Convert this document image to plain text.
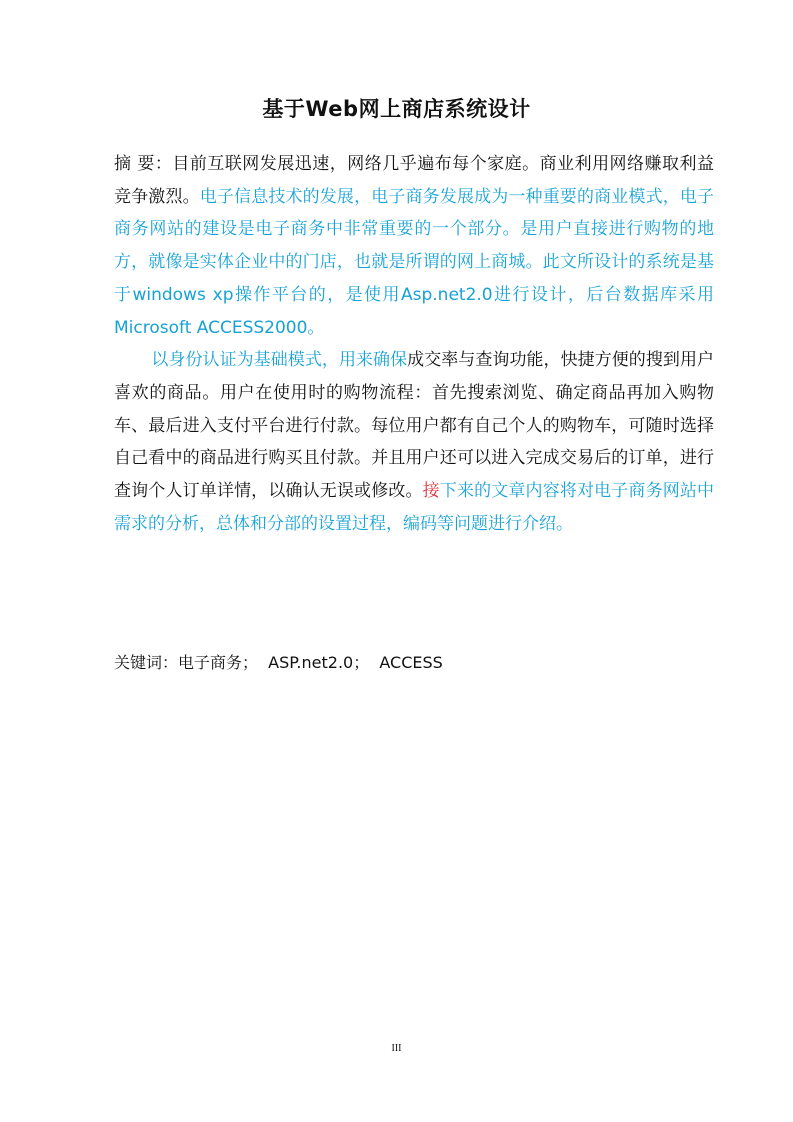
基于Web网上商店系统设计

摘 要：目前互联网发展迅速，网络几乎遍布每个家庭。商业利用网络赚取利益竞争激烈。电子信息技术的发展，电子商务发展成为一种重要的商业模式，电子商务网站的建设是电子商务中非常重要的一个部分。是用户直接进行购物的地方，就像是实体企业中的门店，也就是所谓的网上商城。此文所设计的系统是基于windows xp操作平台的，是使用Asp.net2.0进行设计，后台数据库采用Microsoft ACCESS2000。

以身份认证为基础模式，用来确保成交率与查询功能，快捷方便的搜到用户喜欢的商品。用户在使用时的购物流程：首先搜索浏览、确定商品再加入购物车、最后进入支付平台进行付款。每位用户都有自己个人的购物车，可随时选择自己看中的商品进行购买且付款。并且用户还可以进入完成交易后的订单，进行查询个人订单详情，以确认无误或修改。接下来的文章内容将对电子商务网站中需求的分析，总体和分部的设置过程，编码等问题进行介绍。

关键词：电子商务；  ASP.net2.0；  ACCESS
III
